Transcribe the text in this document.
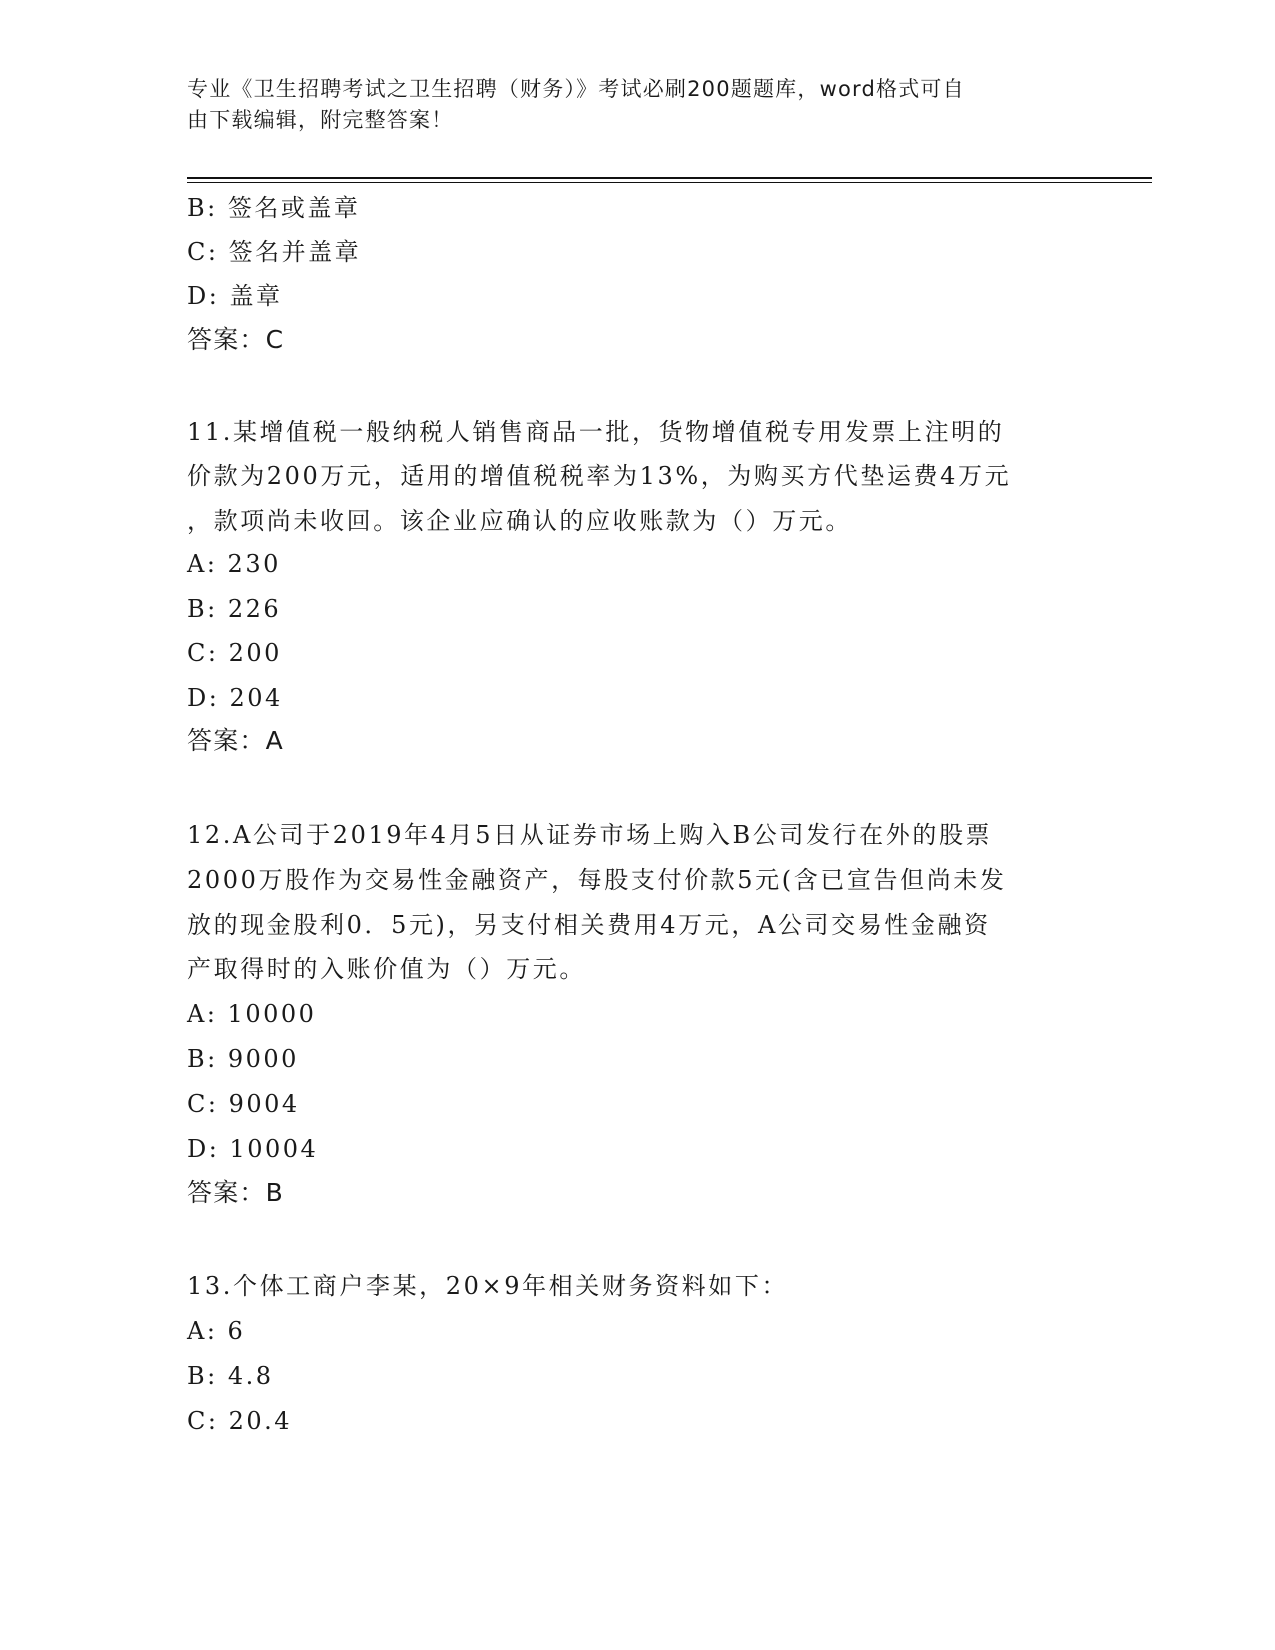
专业《卫生招聘考试之卫生招聘（财务）》考试必刷200题题库，word格式可自
由下载编辑，附完整答案！
B: 签名或盖章
C: 签名并盖章
D: 盖章
答案：C
11.某增值税一般纳税人销售商品一批，货物增值税专用发票上注明的
价款为200万元，适用的增值税税率为13%，为购买方代垫运费4万元
，款项尚未收回。该企业应确认的应收账款为（）万元。
A: 230
B: 226
C: 200
D: 204
答案：A
12.A公司于2019年4月5日从证券市场上购入B公司发行在外的股票
2000万股作为交易性金融资产，每股支付价款5元(含已宣告但尚未发
放的现金股利0．5元)，另支付相关费用4万元，A公司交易性金融资
产取得时的入账价值为（）万元。
A: 10000
B: 9000
C: 9004
D: 10004
答案：B
13.个体工商户李某，20×9年相关财务资料如下：
A: 6
B: 4.8
C: 20.4
